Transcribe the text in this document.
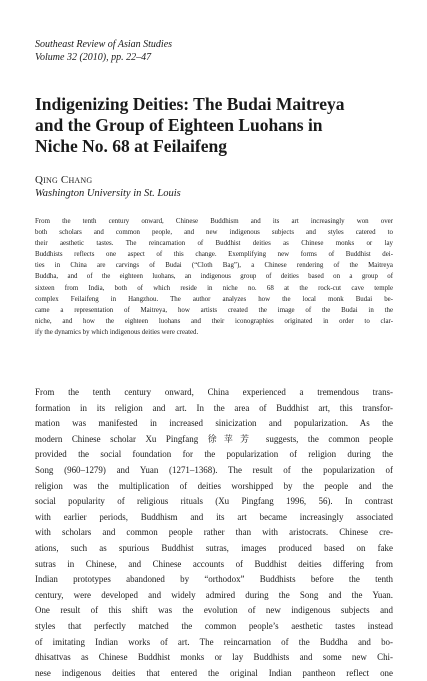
Southeast Review of Asian Studies
Volume 32 (2010), pp. 22–47
Indigenizing Deities: The Budai Maitreya
and the Group of Eighteen Luohans in
Niche No. 68 at Feilaifeng
Qing Chang
Washington University in St. Louis
From the tenth century onward, Chinese Buddhism and its art increasingly won over
both scholars and common people, and new indigenous subjects and styles catered to
their aesthetic tastes. The reincarnation of Buddhist deities as Chinese monks or lay
Buddhists reflects one aspect of this change. Exemplifying new forms of Buddhist dei-
ties in China are carvings of Budai (“Cloth Bag”), a Chinese rendering of the Maitreya
Buddha, and of the eighteen luohans, an indigenous group of deities based on a group of
sixteen from India, both of which reside in niche no. 68 at the rock-cut cave temple
complex Feilaifeng in Hangzhou. The author analyzes how the local monk Budai be-
came a representation of Maitreya, how artists created the image of the Budai in the
niche, and how the eighteen luohans and their iconographies originated in order to clar-
ify the dynamics by which indigenous deities were created.
From the tenth century onward, China experienced a tremendous trans-
formation in its religion and art. In the area of Buddhist art, this transfor-
mation was manifested in increased sinicization and popularization. As the
modern Chinese scholar Xu Pingfang 徐苹芳 suggests, the common people
provided the social foundation for the popularization of religion during the
Song (960–1279) and Yuan (1271–1368). The result of the popularization of
religion was the multiplication of deities worshipped by the people and the
social popularity of religious rituals (Xu Pingfang 1996, 56). In contrast
with earlier periods, Buddhism and its art became increasingly associated
with scholars and common people rather than with aristocrats. Chinese cre-
ations, such as spurious Buddhist sutras, images produced based on fake
sutras in Chinese, and Chinese accounts of Buddhist deities differing from
Indian prototypes abandoned by “orthodox” Buddhists before the tenth
century, were developed and widely admired during the Song and the Yuan.
One result of this shift was the evolution of new indigenous subjects and
styles that perfectly matched the common people’s aesthetic tastes instead
of imitating Indian works of art. The reincarnation of the Buddha and bo-
dhisattvas as Chinese Buddhist monks or lay Buddhists and some new Chi-
nese indigenous deities that entered the original Indian pantheon reflect one
